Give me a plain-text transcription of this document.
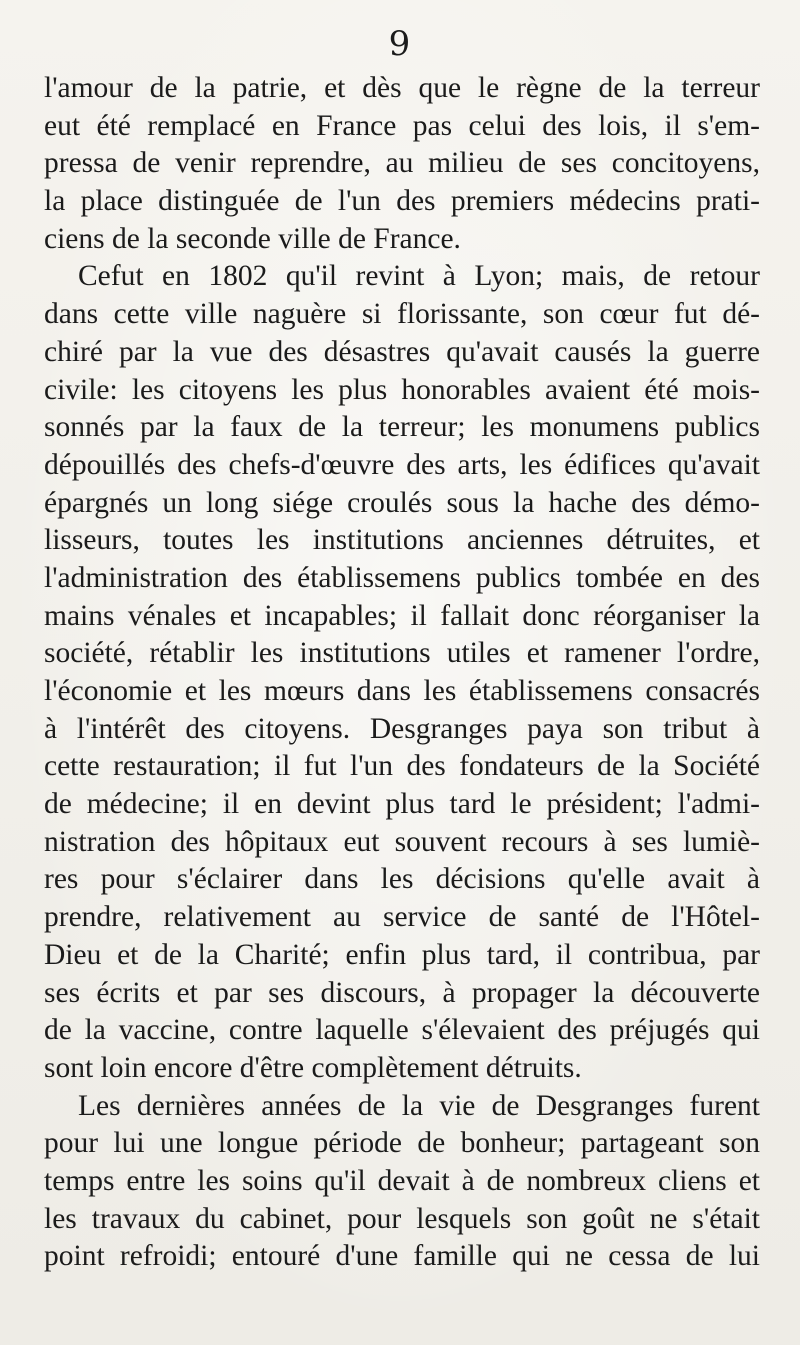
9
l'amour de la patrie, et dès que le règne de la terreur
eut été remplacé en France pas celui des lois, il s'em-
pressa de venir reprendre, au milieu de ses concitoyens,
la place distinguée de l'un des premiers médecins prati-
ciens de la seconde ville de France.
Cefut en 1802 qu'il revint à Lyon; mais, de retour
dans cette ville naguère si florissante, son cœur fut dé-
chiré par la vue des désastres qu'avait causés la guerre
civile: les citoyens les plus honorables avaient été mois-
sonnés par la faux de la terreur; les monumens publics
dépouillés des chefs-d'œuvre des arts, les édifices qu'avait
épargnés un long siége croulés sous la hache des démo-
lisseurs, toutes les institutions anciennes détruites, et
l'administration des établissemens publics tombée en des
mains vénales et incapables; il fallait donc réorganiser la
société, rétablir les institutions utiles et ramener l'ordre,
l'économie et les mœurs dans les établissemens consacrés
à l'intérêt des citoyens. Desgranges paya son tribut à
cette restauration; il fut l'un des fondateurs de la Société
de médecine; il en devint plus tard le président; l'admi-
nistration des hôpitaux eut souvent recours à ses lumiè-
res pour s'éclairer dans les décisions qu'elle avait à
prendre, relativement au service de santé de l'Hôtel-
Dieu et de la Charité; enfin plus tard, il contribua, par
ses écrits et par ses discours, à propager la découverte
de la vaccine, contre laquelle s'élevaient des préjugés qui
sont loin encore d'être complètement détruits.
Les dernières années de la vie de Desgranges furent
pour lui une longue période de bonheur; partageant son
temps entre les soins qu'il devait à de nombreux cliens et
les travaux du cabinet, pour lesquels son goût ne s'était
point refroidi; entouré d'une famille qui ne cessa de lui
